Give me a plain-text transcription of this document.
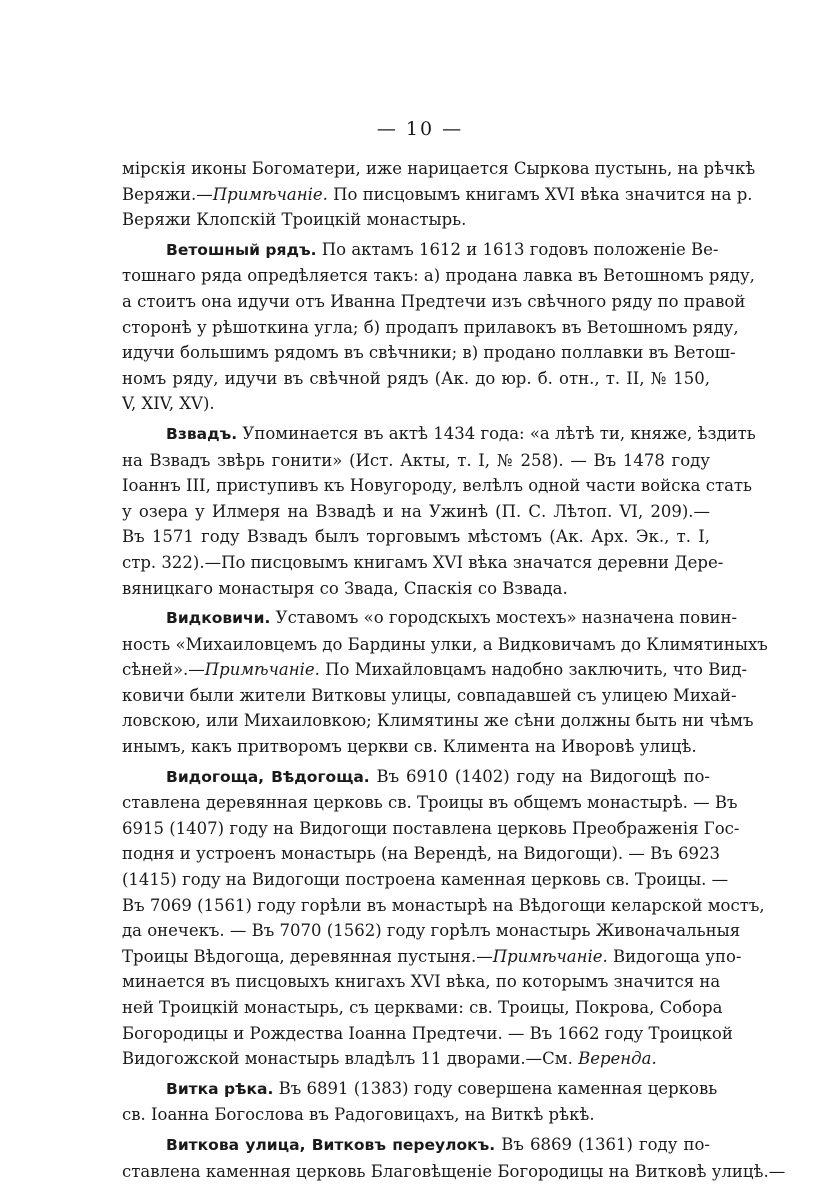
— 10 —
мірскія иконы Богоматери, иже нарицается Сыркова пустынь, на рѣчкѣ
Веряжи.—Примѣчаніе. По писцовымъ книгамъ XVI вѣка значится на р.
Веряжи Клопскій Троицкій монастырь.
Ветошный рядъ. По актамъ 1612 и 1613 годовъ положеніе Ве-
тошнаго ряда опредѣляется такъ: а) продана лавка въ Ветошномъ ряду,
а стоитъ она идучи отъ Иванна Предтечи изъ свѣчного ряду по правой
сторонѣ у рѣшоткина угла; б) продапъ прилавокъ въ Ветошномъ ряду,
идучи большимъ рядомъ въ свѣчники; в) продано поллавки въ Ветош-
номъ ряду, идучи въ свѣчной рядъ (Ак. до юр. б. отн., т. II, № 150,
V, XIV, XV).
Взвадъ. Упоминается въ актѣ 1434 года: «а лѣтѣ ти, княже, ѣздить
на Взвадъ звѣрь гонити» (Ист. Акты, т. I, № 258). — Въ 1478 году
Іоаннъ III, приступивъ къ Новугороду, велѣлъ одной части войска стать
у озера у Илмеря на Взвадѣ и на Ужинѣ (П. С. Лѣтоп. VI, 209).—
Въ 1571 году Взвадъ былъ торговымъ мѣстомъ (Ак. Арх. Эк., т. I,
стр. 322).—По писцовымъ книгамъ XVI вѣка значатся деревни Дере-
вяницкаго монастыря со Звада, Спаскія со Взвада.
Видковичи. Уставомъ «о городскыхъ мостехъ» назначена повин-
ность «Михаиловцемъ до Бардины улки, а Видковичамъ до Климятиныхъ
сѣней».—Примѣчаніе. По Михайловцамъ надобно заключить, что Вид-
ковичи были жители Витковы улицы, совпадавшей съ улицею Михай-
ловскою, или Михаиловкою; Климятины же сѣни должны быть ни чѣмъ
инымъ, какъ притворомъ церкви св. Климента на Иворовѣ улицѣ.
Видогоща, Вѣдогоща. Въ 6910 (1402) году на Видогощѣ по-
ставлена деревянная церковь св. Троицы въ общемъ монастырѣ. — Въ
6915 (1407) году на Видогощи поставлена церковь Преображенія Гос-
подня и устроенъ монастырь (на Верендѣ, на Видогощи). — Въ 6923
(1415) году на Видогощи построена каменная церковь св. Троицы. —
Въ 7069 (1561) году горѣли въ монастырѣ на Вѣдогощи келарской мостъ,
да онечекъ. — Въ 7070 (1562) году горѣлъ монастырь Живоначальныя
Троицы Вѣдогоща, деревянная пустыня.—Примѣчаніе. Видогоща упо-
минается въ писцовыхъ книгахъ XVI вѣка, по которымъ значится на
ней Троицкій монастырь, съ церквами: св. Троицы, Покрова, Собора
Богородицы и Рождества Іоанна Предтечи. — Въ 1662 году Троицкой
Видогожской монастырь владѣлъ 11 дворами.—См. Веренда.
Витка рѣка. Въ 6891 (1383) году совершена каменная церковь
св. Іоанна Богослова въ Радоговицахъ, на Виткѣ рѣкѣ.
Виткова улица, Витковъ переулокъ. Въ 6869 (1361) году по-
ставлена каменная церковь Благовѣщеніе Богородицы на Витковѣ улицѣ.—
